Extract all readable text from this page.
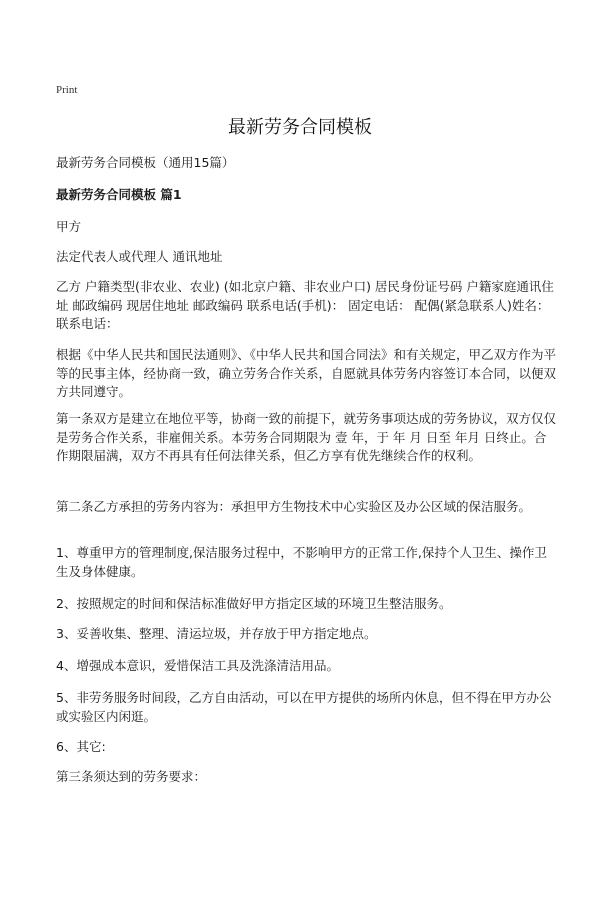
Print
最新劳务合同模板

最新劳务合同模板（通用15篇）

最新劳务合同模板 篇1

甲方

法定代表人或代理人 通讯地址

乙方 户籍类型(非农业、农业) (如北京户籍、非农业户口) 居民身份证号码 户籍家庭通讯住址 邮政编码 现居住地址 邮政编码 联系电话(手机)： 固定电话： 配偶(紧急联系人)姓名： 联系电话：

根据《中华人民共和国民法通则》、《中华人民共和国合同法》和有关规定，甲乙双方作为平等的民事主体，经协商一致，确立劳务合作关系，自愿就具体劳务内容签订本合同，以便双方共同遵守。

第一条双方是建立在地位平等，协商一致的前提下，就劳务事项达成的劳务协议，双方仅仅是劳务合作关系，非雇佣关系。本劳务合同期限为 壹 年，于 年 月 日至 年月 日终止。合作期限届满，双方不再具有任何法律关系，但乙方享有优先继续合作的权利。

第二条乙方承担的劳务内容为：承担甲方生物技术中心实验区及办公区域的保洁服务。

1、尊重甲方的管理制度,保洁服务过程中，不影响甲方的正常工作,保持个人卫生、操作卫生及身体健康。

2、按照规定的时间和保洁标准做好甲方指定区域的环境卫生整洁服务。

3、妥善收集、整理、清运垃圾，并存放于甲方指定地点。

4、增强成本意识，爱惜保洁工具及洗涤清洁用品。

5、非劳务服务时间段，乙方自由活动，可以在甲方提供的场所内休息，但不得在甲方办公或实验区内闲逛。

6、其它:

第三条须达到的劳务要求：
